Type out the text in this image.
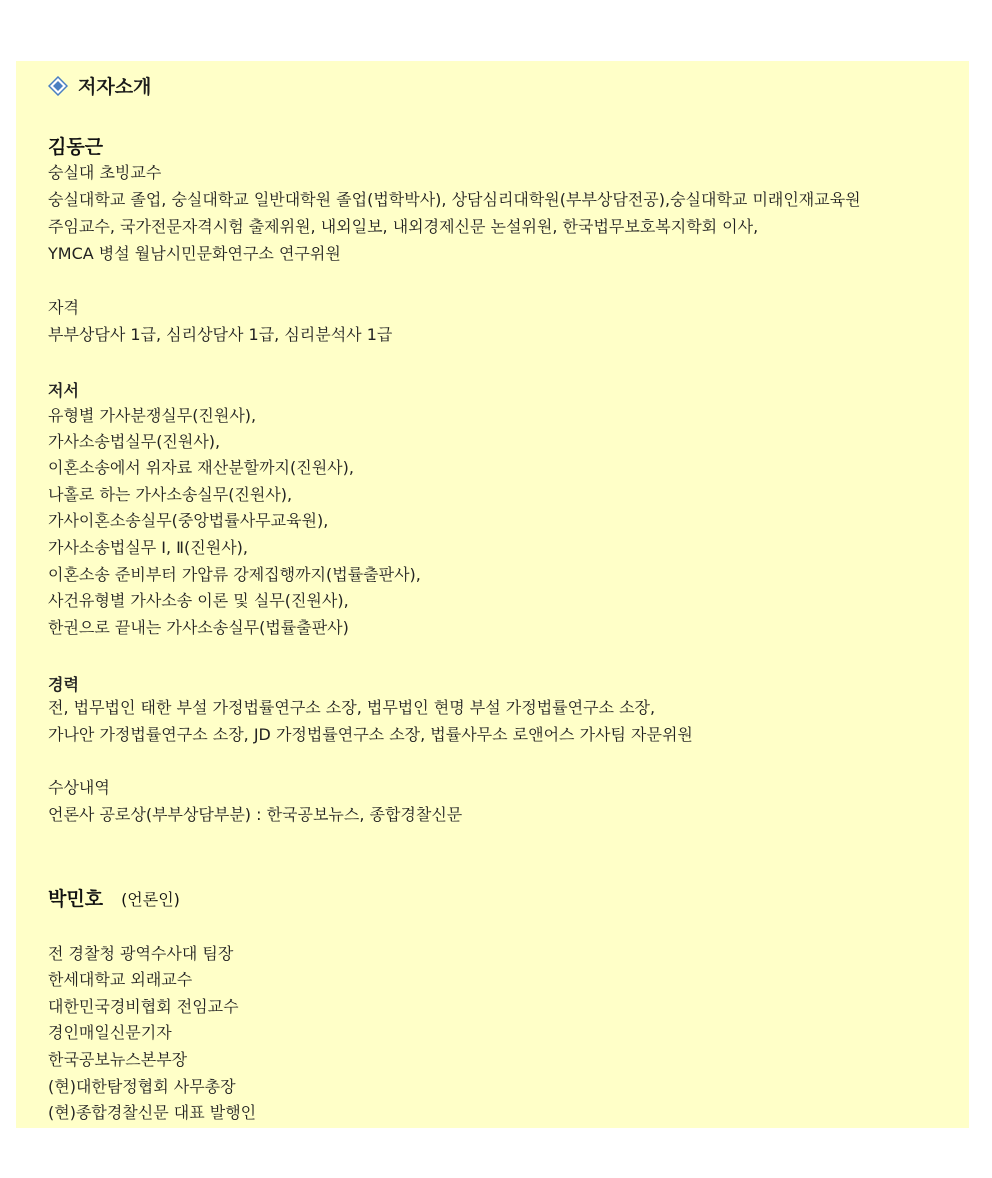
저자소개
김동근
숭실대 초빙교수
숭실대학교 졸업, 숭실대학교 일반대학원 졸업(법학박사), 상담심리대학원(부부상담전공),숭실대학교 미래인재교육원
주임교수, 국가전문자격시험 출제위원, 내외일보, 내외경제신문 논설위원, 한국법무보호복지학회 이사,
YMCA 병설 월남시민문화연구소 연구위원
자격
부부상담사 1급, 심리상담사 1급, 심리분석사 1급
저서
유형별 가사분쟁실무(진원사),
가사소송법실무(진원사),
이혼소송에서 위자료 재산분할까지(진원사),
나홀로 하는 가사소송실무(진원사),
가사이혼소송실무(중앙법률사무교육원),
가사소송법실무 Ⅰ, Ⅱ(진원사),
이혼소송 준비부터 가압류 강제집행까지(법률출판사),
사건유형별 가사소송 이론 및 실무(진원사),
한권으로 끝내는 가사소송실무(법률출판사)
경력
전, 법무법인 태한 부설 가정법률연구소 소장, 법무법인 현명 부설 가정법률연구소 소장,
가나안 가정법률연구소 소장, JD 가정법률연구소 소장, 법률사무소 로앤어스 가사팀 자문위원
수상내역
언론사 공로상(부부상담부분) : 한국공보뉴스, 종합경찰신문
박민호 (언론인)
전 경찰청 광역수사대 팀장
한세대학교 외래교수
대한민국경비협회 전임교수
경인매일신문기자
한국공보뉴스본부장
(현)대한탐정협회 사무총장
(현)종합경찰신문 대표 발행인
